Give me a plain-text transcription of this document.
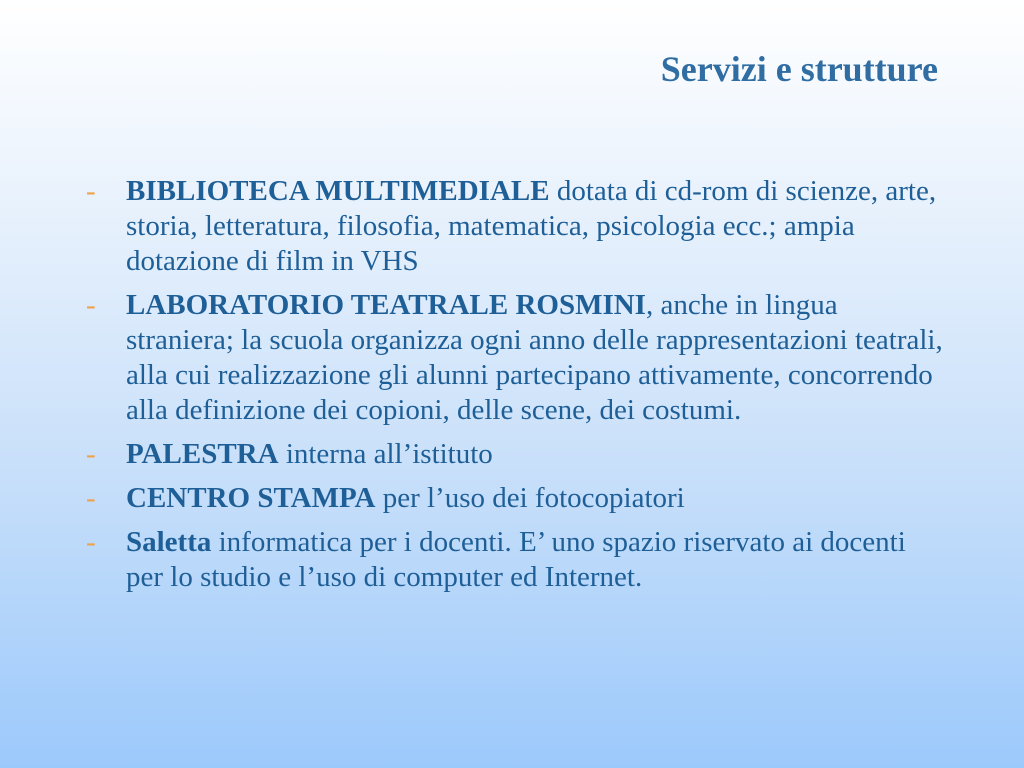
Servizi e strutture
- BIBLIOTECA MULTIMEDIALE dotata di cd-rom di scienze, arte, storia, letteratura, filosofia, matematica, psicologia ecc.; ampia dotazione di film in VHS
- LABORATORIO TEATRALE ROSMINI, anche in lingua straniera; la scuola organizza ogni anno delle rappresentazioni teatrali, alla cui realizzazione gli alunni partecipano attivamente, concorrendo alla definizione dei copioni, delle scene, dei costumi.
- PALESTRA interna all’istituto
- CENTRO STAMPA per l’uso dei fotocopiatori
- Saletta informatica per i docenti. E’ uno spazio riservato ai docenti per lo studio e l’uso di computer ed Internet.
